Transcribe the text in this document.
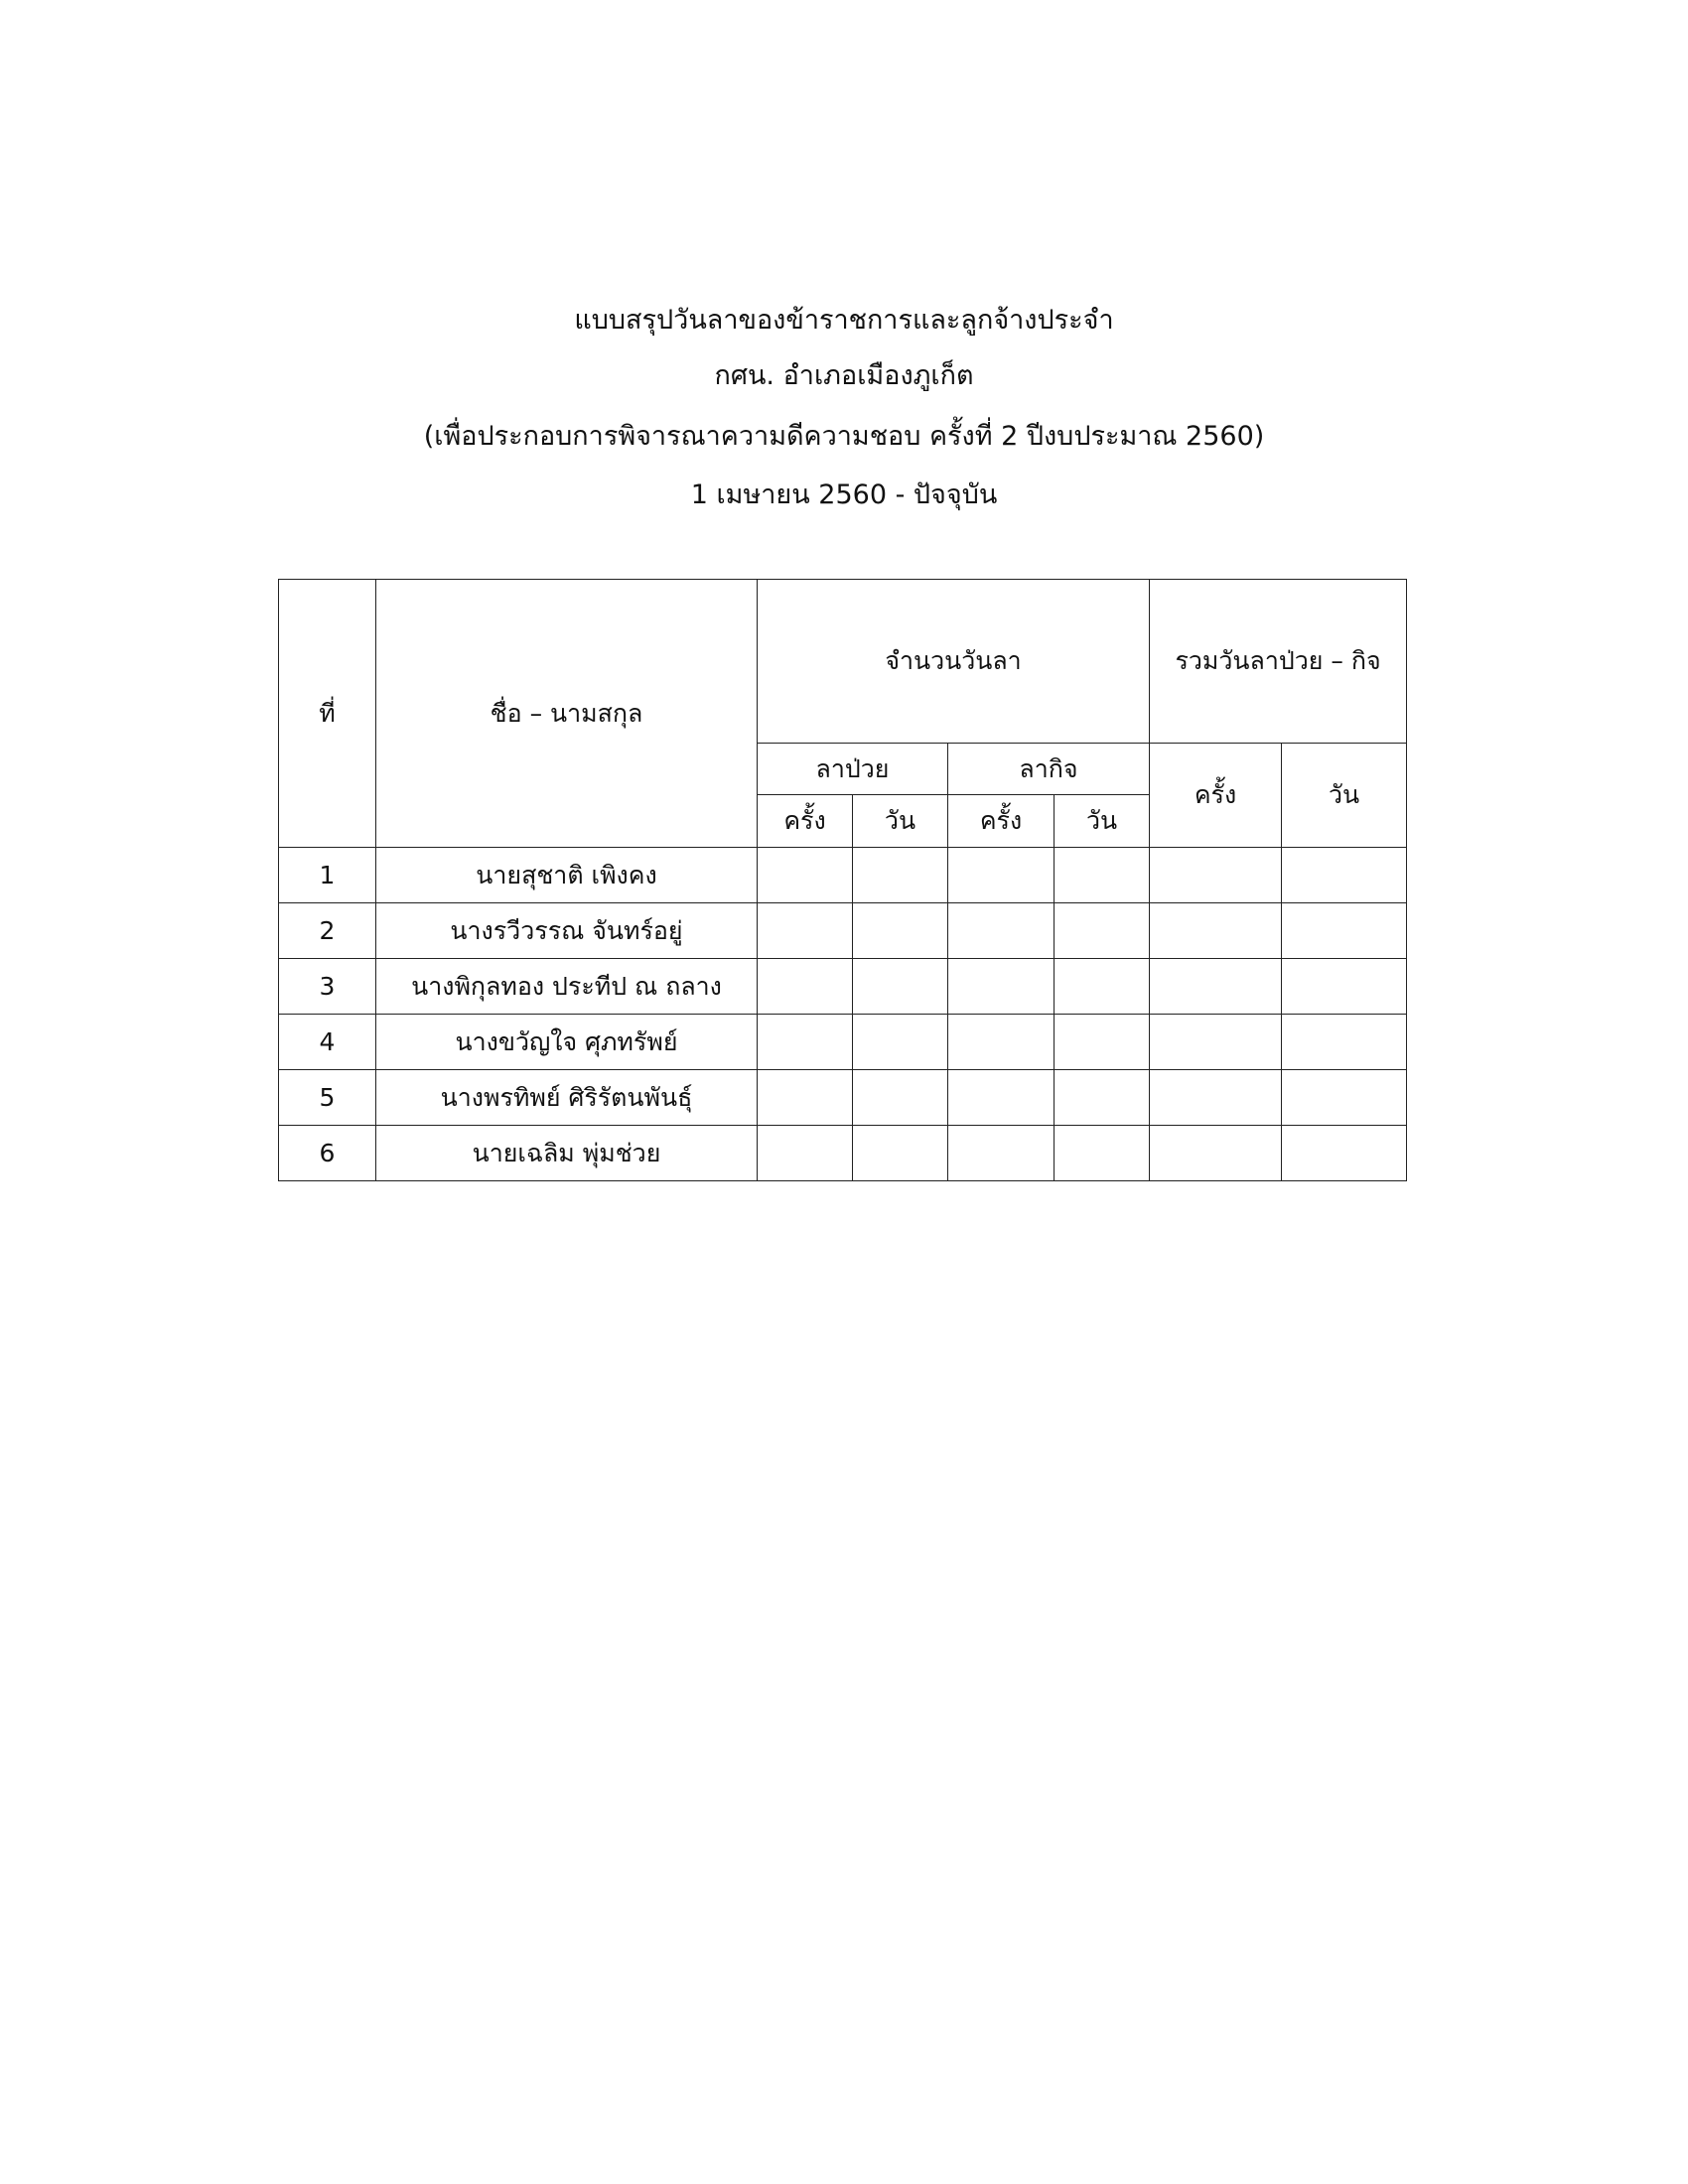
แบบสรุปวันลาของข้าราชการและลูกจ้างประจำ
กศน. อำเภอเมืองภูเก็ต
(เพื่อประกอบการพิจารณาความดีความชอบ ครั้งที่ 2 ปีงบประมาณ 2560)
1 เมษายน 2560 - ปัจจุบัน
ที่	ชื่อ – นามสกุล	จำนวนวันลา				รวมวันลาป่วย – กิจ	
		ลาป่วย		ลากิจ		ครั้ง	วัน
		ครั้ง	วัน	ครั้ง	วัน		
1	นายสุชาติ เพิงคง						
2	นางรวีวรรณ จันทร์อยู่						
3	นางพิกุลทอง ประทีป ณ ถลาง						
4	นางขวัญใจ ศุภทรัพย์						
5	นางพรทิพย์ ศิริรัตนพันธุ์						
6	นายเฉลิม พุ่มช่วย						
